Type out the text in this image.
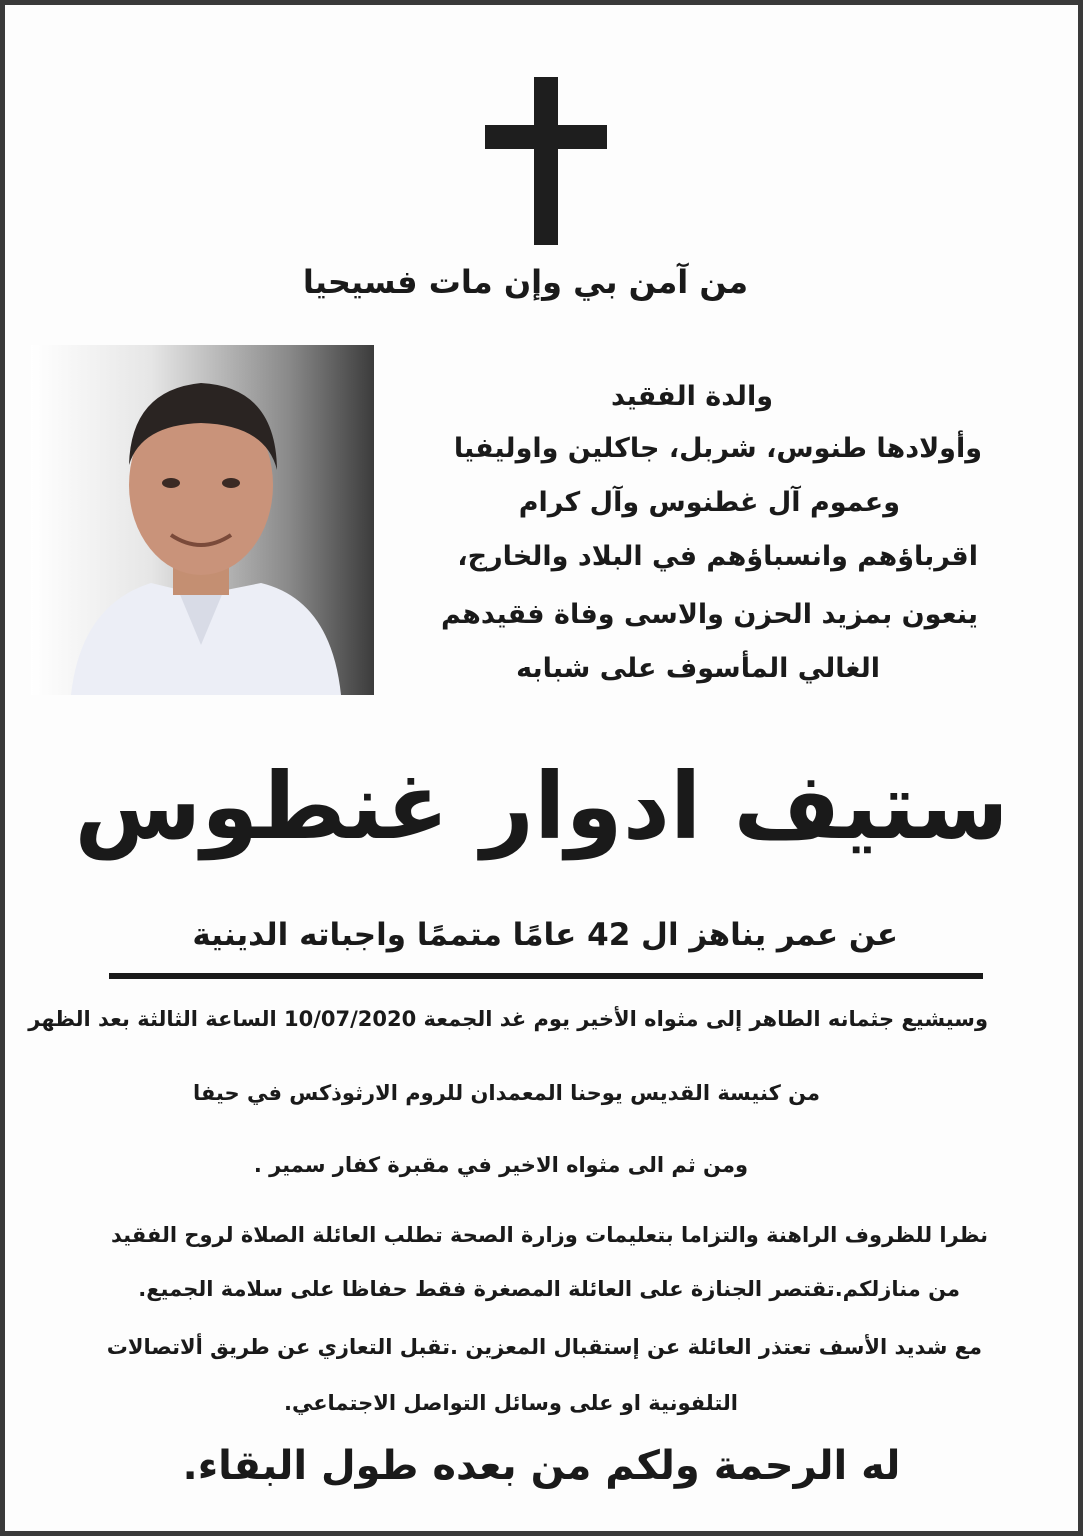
من آمن بي وإن مات فسيحيا
والدة الفقيد
وأولادها طنوس، شربل، جاكلين واوليفيا
وعموم آل غطنوس وآل كرام
اقرباؤهم وانسباؤهم في البلاد والخارج،
ينعون بمزيد الحزن والاسى وفاة فقيدهم
الغالي المأسوف على شبابه
ستيف ادوار غنطوس
عن عمر يناهز ال 42 عامًا متممًا واجباته الدينية
وسيشيع جثمانه الطاهر إلى مثواه الأخير يوم غد الجمعة 10/07/2020 الساعة الثالثة بعد الظهر
من كنيسة القديس يوحنا المعمدان للروم الارثوذكس في حيفا
ومن ثم الى مثواه الاخير في مقبرة كفار سمير .
نظرا للظروف الراهنة والتزاما بتعليمات وزارة الصحة تطلب العائلة الصلاة لروح الفقيد
من منازلكم.تقتصر الجنازة على العائلة المصغرة فقط حفاظا على سلامة الجميع.
مع شديد الأسف تعتذر العائلة عن إستقبال المعزين .تقبل التعازي عن طريق ألاتصالات
التلفونية او على وسائل التواصل الاجتماعي.
له الرحمة ولكم من بعده طول البقاء.
